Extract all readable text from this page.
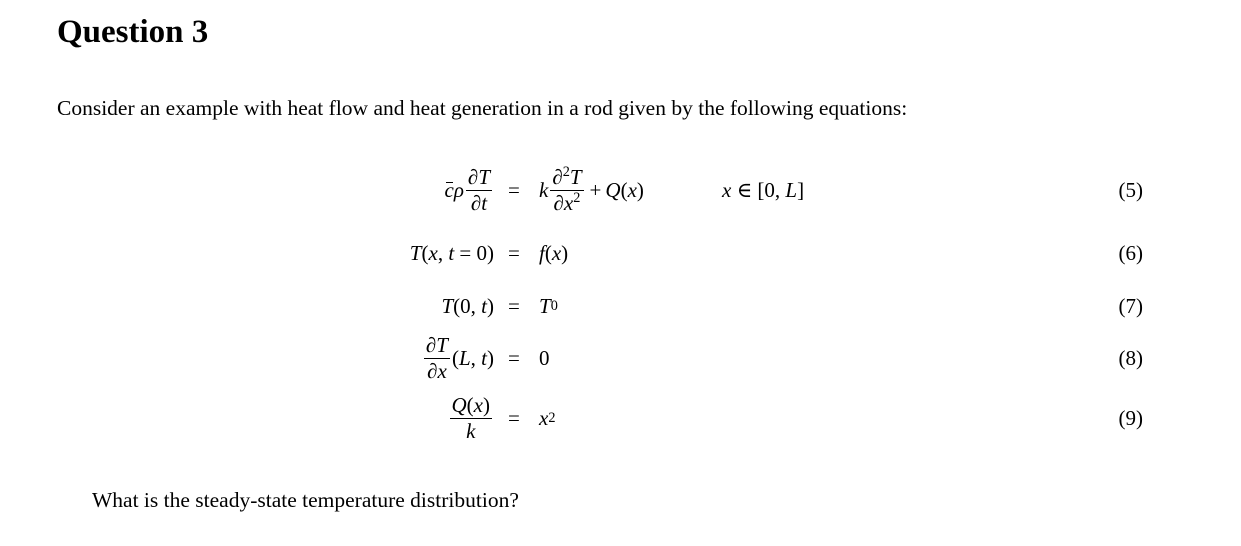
Question 3

Consider an example with heat flow and heat generation in a rod given by the following equations:

c ρ $\frac{\partial T}{\partial t} = k \frac{\partial^2T}{\partial x^2} + Q$ ( x )	x ∈ [0, L ]	(5)
T ( x , t = 0) = f ( x )	(6)
T (0, t ) = T 0	(7)
$\frac{\partial T}{\partial x}$ ( L , t ) = 0	(8)
$\frac{Q(x)}{k} = x$ 2	(9)

What is the steady-state temperature distribution?
